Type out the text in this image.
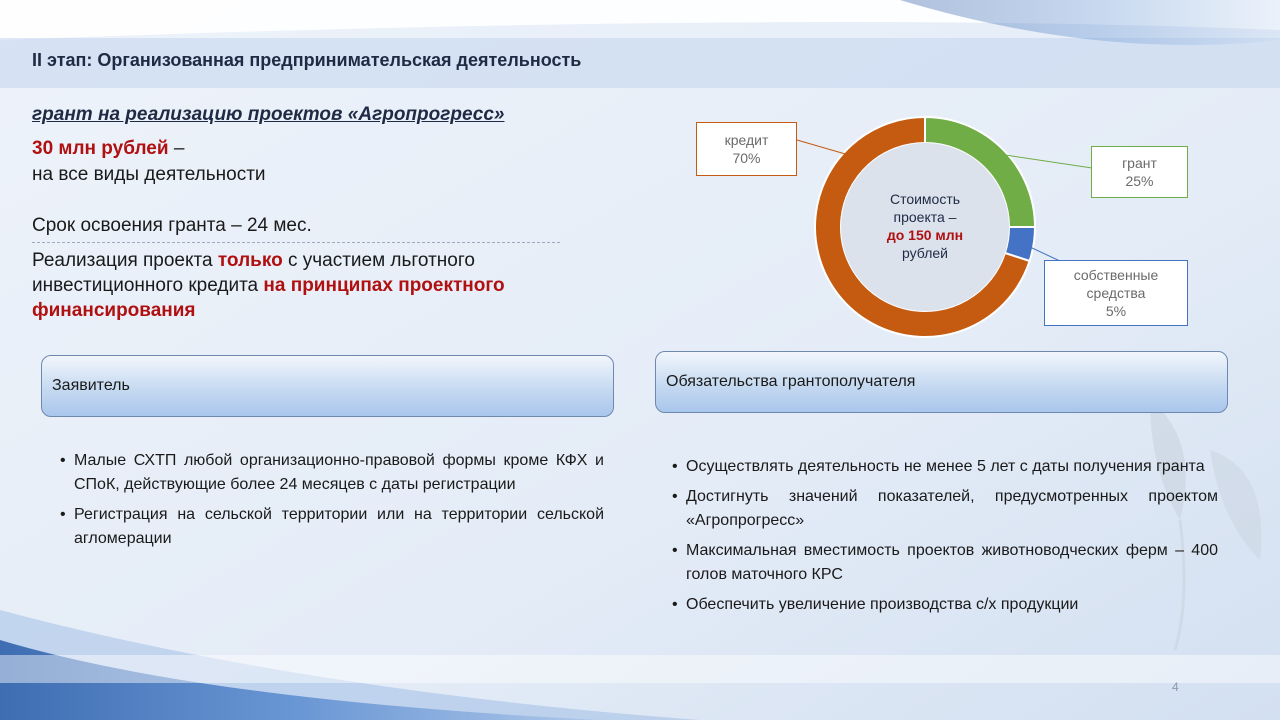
II этап: Организованная предпринимательская деятельность
грант на реализацию проектов «Агропрогресс»
30 млн рублей –
на все виды деятельности
Срок освоения гранта – 24 мес.
Реализация проекта только с участием льготного
инвестиционного кредита на принципах проектного
финансирования
Стоимость
проекта –
до 150 млн
рублей
кредит
70%	грант
25%
собственные
средства
5%
Заявитель	Обязательства грантополучателя
• Малые СХТП любой организационно-правовой формы кроме КФХ и СПоК, действующие более 24 месяцев с даты регистрации
• Регистрация на сельской территории или на территории сельской агломерации
• Осуществлять деятельность не менее 5 лет с даты получения гранта
• Достигнуть значений показателей, предусмотренных проектом «Агропрогресс»
• Максимальная вместимость проектов животноводческих ферм – 400 голов маточного КРС
• Обеспечить увеличение производства с/х продукции
4
